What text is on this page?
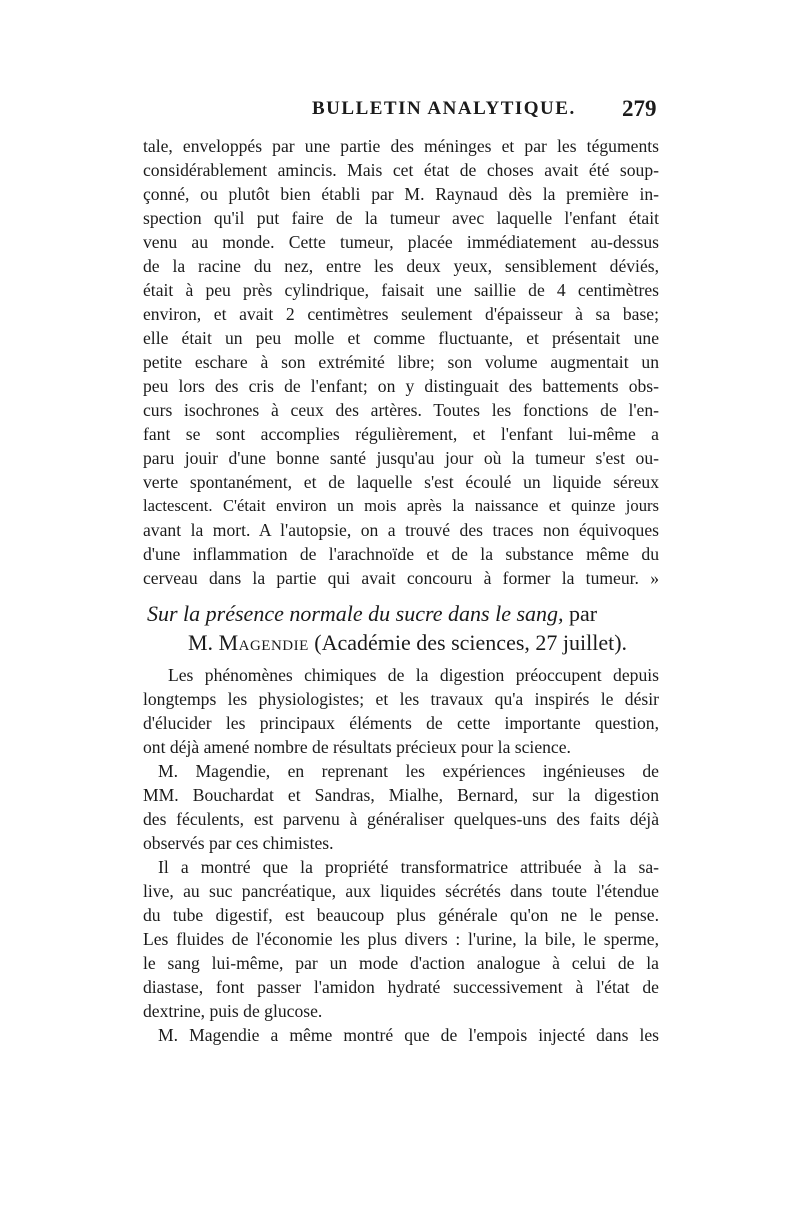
BULLETIN ANALYTIQUE. 279
tale, enveloppés par une partie des méninges et par les téguments
considérablement amincis. Mais cet état de choses avait été soup-
çonné, ou plutôt bien établi par M. Raynaud dès la première in-
spection qu'il put faire de la tumeur avec laquelle l'enfant était
venu au monde. Cette tumeur, placée immédiatement au-dessus
de la racine du nez, entre les deux yeux, sensiblement déviés,
était à peu près cylindrique, faisait une saillie de 4 centimètres
environ, et avait 2 centimètres seulement d'épaisseur à sa base;
elle était un peu molle et comme fluctuante, et présentait une
petite eschare à son extrémité libre; son volume augmentait un
peu lors des cris de l'enfant; on y distinguait des battements obs-
curs isochrones à ceux des artères. Toutes les fonctions de l'en-
fant se sont accomplies régulièrement, et l'enfant lui-même a
paru jouir d'une bonne santé jusqu'au jour où la tumeur s'est ou-
verte spontanément, et de laquelle s'est écoulé un liquide séreux
lactescent. C'était environ un mois après la naissance et quinze jours
avant la mort. A l'autopsie, on a trouvé des traces non équivoques
d'une inflammation de l'arachnoïde et de la substance même du
cerveau dans la partie qui avait concouru à former la tumeur. »
Sur la présence normale du sucre dans le sang, par
M. Magendie (Académie des sciences, 27 juillet).
Les phénomènes chimiques de la digestion préoccupent depuis
longtemps les physiologistes; et les travaux qu'a inspirés le désir
d'élucider les principaux éléments de cette importante question,
ont déjà amené nombre de résultats précieux pour la science.
M. Magendie, en reprenant les expériences ingénieuses de
MM. Bouchardat et Sandras, Mialhe, Bernard, sur la digestion
des féculents, est parvenu à généraliser quelques-uns des faits déjà
observés par ces chimistes.
Il a montré que la propriété transformatrice attribuée à la sa-
live, au suc pancréatique, aux liquides sécrétés dans toute l'étendue
du tube digestif, est beaucoup plus générale qu'on ne le pense.
Les fluides de l'économie les plus divers : l'urine, la bile, le sperme,
le sang lui-même, par un mode d'action analogue à celui de la
diastase, font passer l'amidon hydraté successivement à l'état de
dextrine, puis de glucose.
M. Magendie a même montré que de l'empois injecté dans les
